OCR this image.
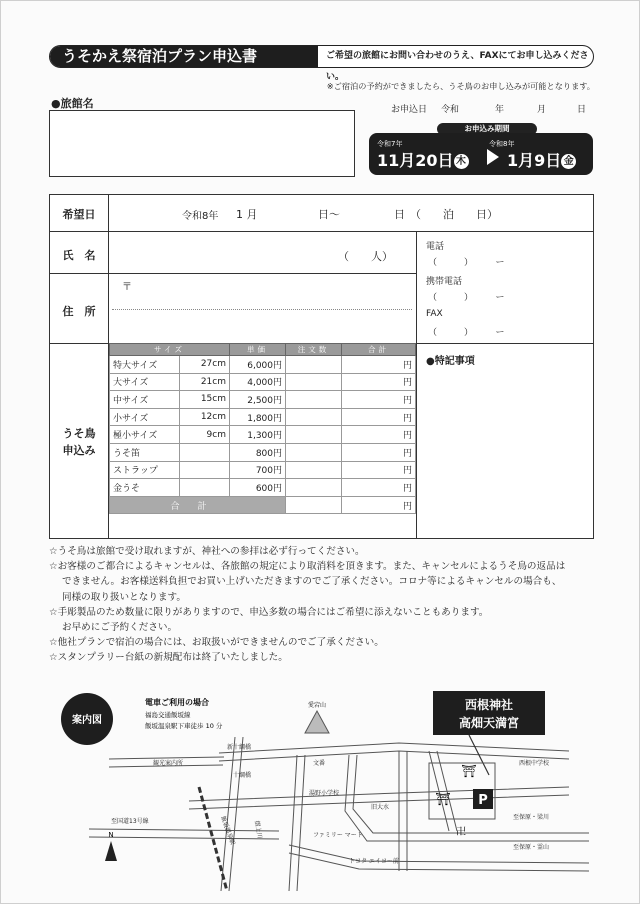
うそかえ祭宿泊プラン申込書	ご希望の旅館にお問い合わせのうえ、FAXにてお申し込みください。
※ご宿泊の予約ができましたら、うそ鳥のお申し込みが可能となります。
●旅館名	お申込日 令和	年	月	日
お申込み期間
令和7年
11月20日 木
令和8年
1月9日 金
希望日	令和8年 1 月	日〜	日 （　　泊　　日）
氏　名	（　　人）
住　所
〒
電話
（　　　）　　　ー
携帯電話
（　　　）　　　ー
FAX
（　　　）　　　ー
うそ鳥
申込み
●特記事項
サイズ		単価	注文数	合計
特大サイズ	27cm	6,000円		円
大サイズ	21cm	4,000円		円
中サイズ	15cm	2,500円		円
小サイズ	12cm	1,800円		円
極小サイズ	9cm	1,300円		円
うそ笛		800円		円
ストラップ		700円		円
金うそ		600円		円
合計				円

☆うそ鳥は旅館で受け取れますが、神社への参拝は必ず行ってください。

☆お客様のご都合によるキャンセルは、各旅館の規定により取消料を頂きます。また、キャンセルによるうそ鳥の返品は

できません。お客様送料負担でお買い上げいただきますのでご了承ください。コロナ等によるキャンセルの場合も、

同様の取り扱いとなります。

☆手彫製品のため数量に限りがありますので、申込多数の場合にはご希望に添えないこともあります。

お早めにご予約ください。

☆他社プランで宿泊の場合には、お取扱いができませんのでご了承ください。

☆スタンプラリー台紙の新規配布は終了いたしました。

案内図
電車ご利用の場合
福島交通飯坂線
飯坂温泉駅下車徒歩 10 分
西根神社
高畑天満宮
⛩
⛩ P
愛宕山
新十綱橋
十綱橋
観光案内所	文番
湯野小学校
旧大水
ファミリー マート
トヨタ エイヨー前
西根中学校
至国道13号線	飯坂温泉駅	摺上川
至保原・梁川
至保原・霊山
N	卍
